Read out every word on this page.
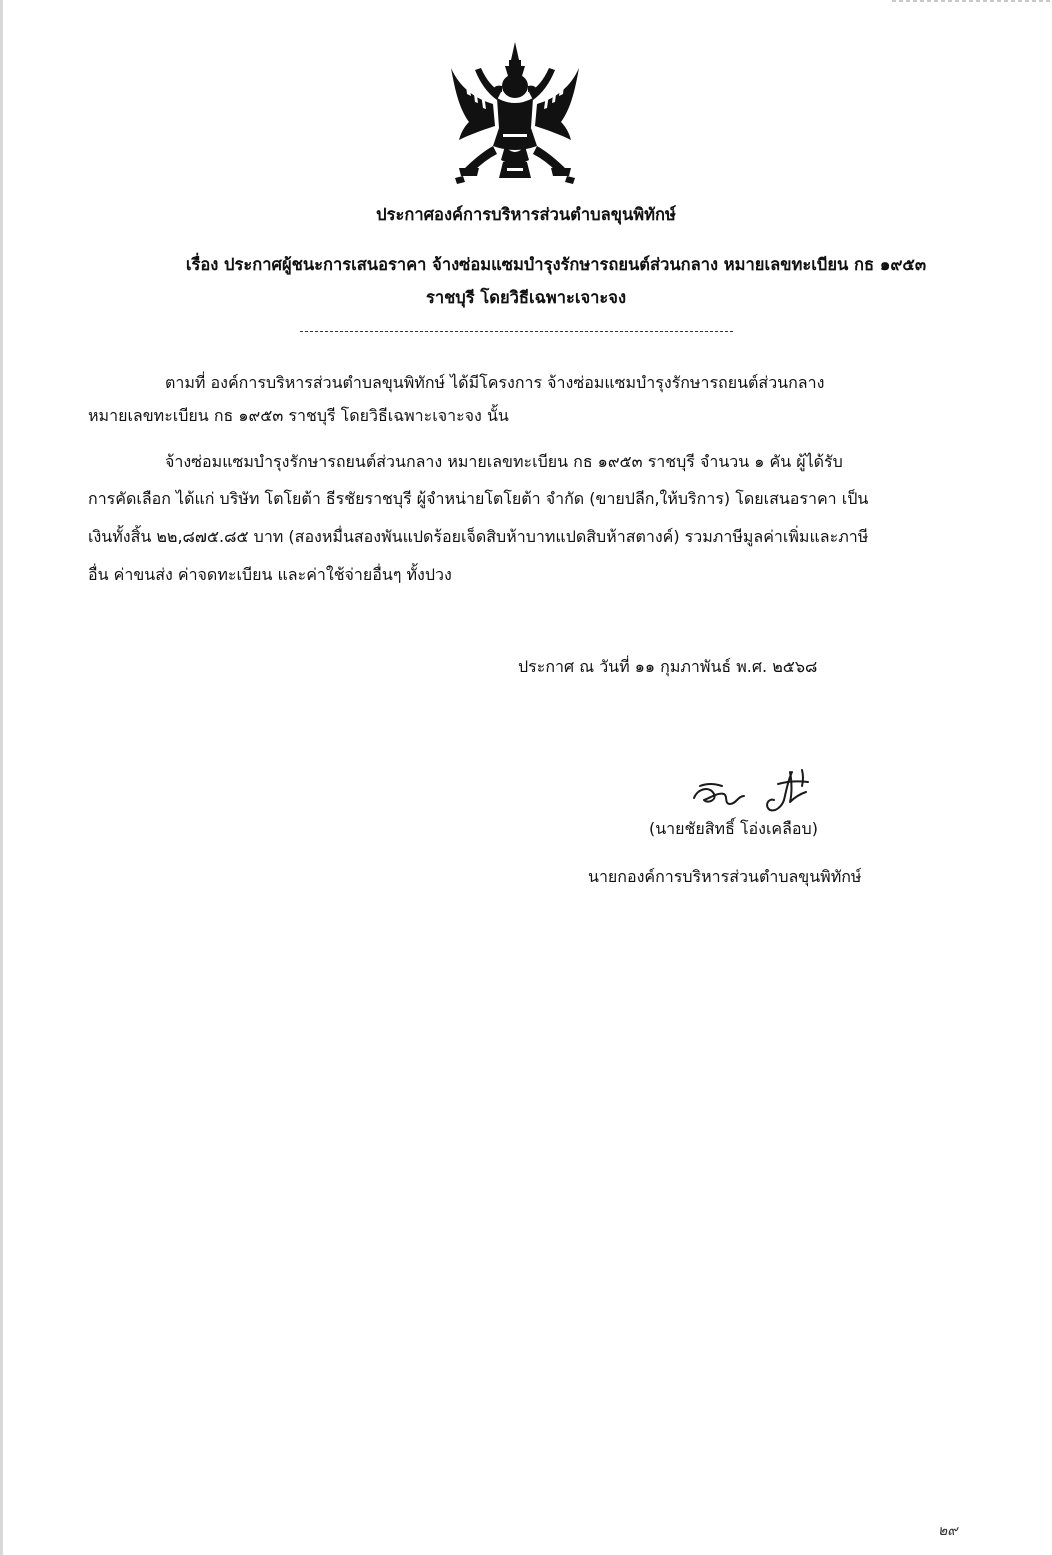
ประกาศองค์การบริหารส่วนตำบลขุนพิทักษ์
เรื่อง ประกาศผู้ชนะการเสนอราคา จ้างซ่อมแซมบำรุงรักษารถยนต์ส่วนกลาง หมายเลขทะเบียน กธ ๑๙๕๓
ราชบุรี โดยวิธีเฉพาะเจาะจง
ตามที่ องค์การบริหารส่วนตำบลขุนพิทักษ์ ได้มีโครงการ จ้างซ่อมแซมบำรุงรักษารถยนต์ส่วนกลาง
หมายเลขทะเบียน กธ ๑๙๕๓ ราชบุรี โดยวิธีเฉพาะเจาะจง นั้น
จ้างซ่อมแซมบำรุงรักษารถยนต์ส่วนกลาง หมายเลขทะเบียน กธ ๑๙๕๓ ราชบุรี จำนวน ๑ คัน ผู้ได้รับ
การคัดเลือก ได้แก่ บริษัท โตโยต้า ธีรชัยราชบุรี ผู้จำหน่ายโตโยต้า จำกัด (ขายปลีก,ให้บริการ) โดยเสนอราคา เป็น
เงินทั้งสิ้น ๒๒,๘๗๕.๘๕ บาท (สองหมื่นสองพันแปดร้อยเจ็ดสิบห้าบาทแปดสิบห้าสตางค์) รวมภาษีมูลค่าเพิ่มและภาษี
อื่น ค่าขนส่ง ค่าจดทะเบียน และค่าใช้จ่ายอื่นๆ ทั้งปวง
ประกาศ ณ วันที่ ๑๑ กุมภาพันธ์ พ.ศ. ๒๕๖๘
(นายชัยสิทธิ์ โอ่งเคลือบ)
นายกองค์การบริหารส่วนตำบลขุนพิทักษ์
๒๙
